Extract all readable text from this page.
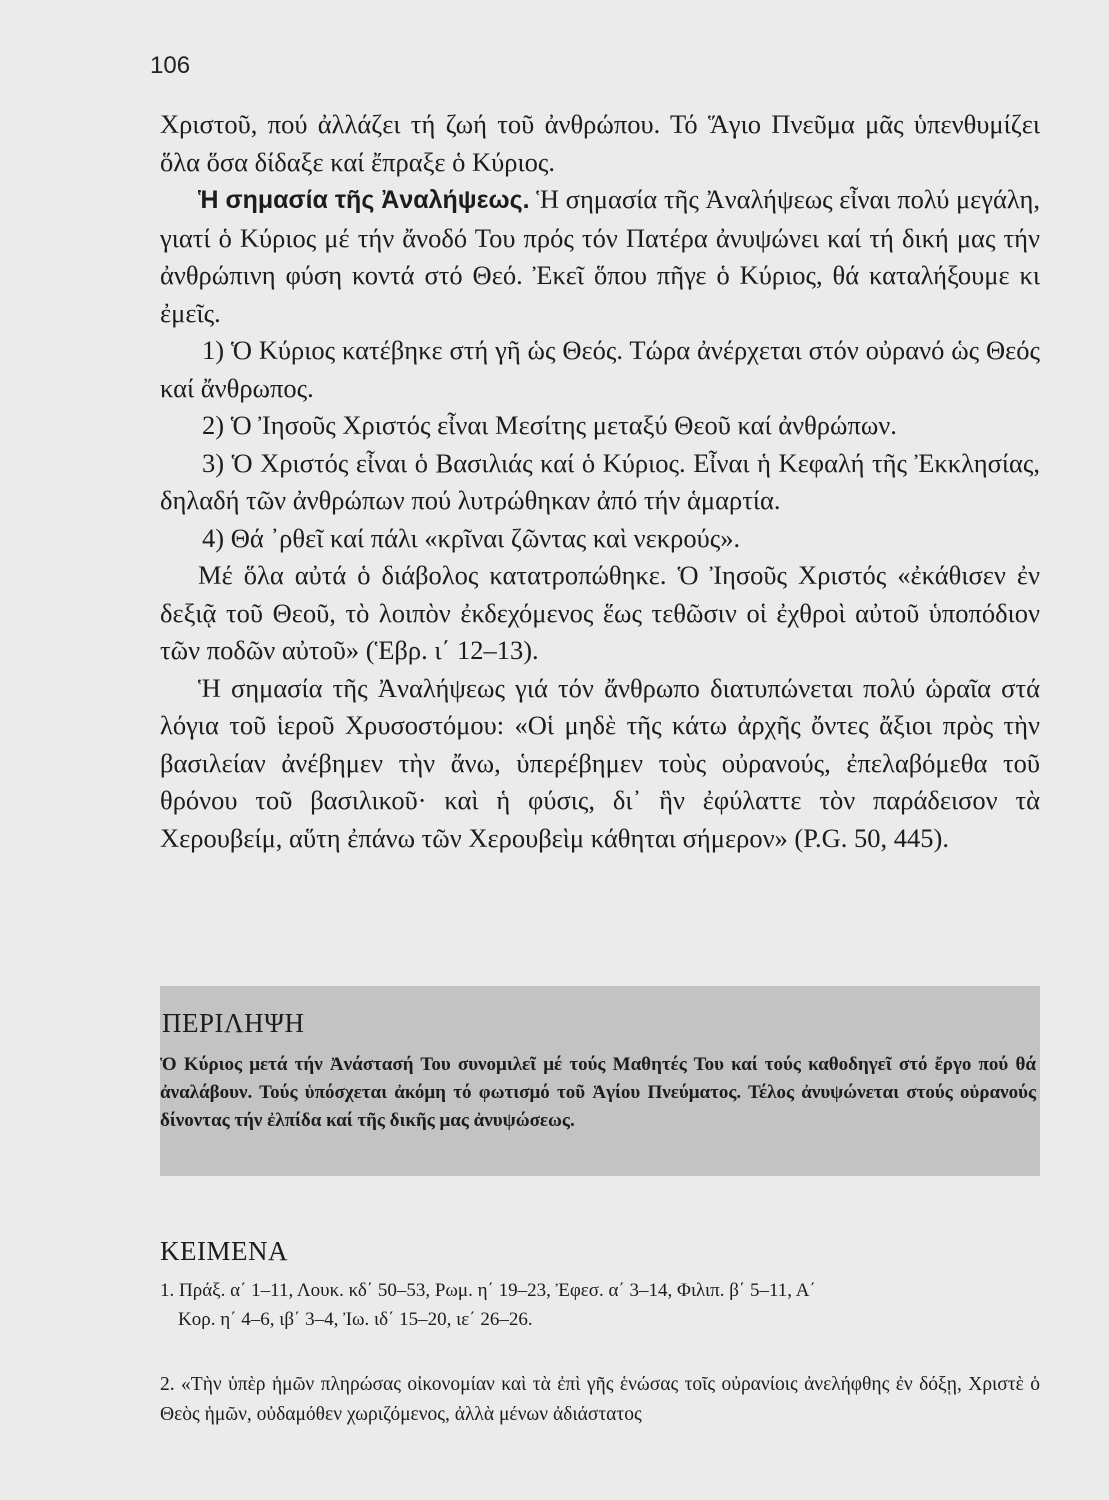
106

Χριστοῦ, πού ἀλλάζει τή ζωή τοῦ ἀνθρώπου. Τό Ἅγιο Πνεῦμα μᾶς ὑπενθυμίζει ὅλα ὅσα δίδαξε καί ἔπραξε ὁ Κύριος.

Ἡ σημασία τῆς Ἀναλήψεως. Ἡ σημασία τῆς Ἀναλήψεως εἶναι πολύ μεγάλη, γιατί ὁ Κύριος μέ τήν ἄνοδό Του πρός τόν Πατέρα ἀνυψώνει καί τή δική μας τήν ἀνθρώπινη φύση κοντά στό Θεό. Ἐκεῖ ὅπου πῆγε ὁ Κύριος, θά καταλήξουμε κι ἐμεῖς.

1) Ὁ Κύριος κατέβηκε στή γῆ ὡς Θεός. Τώρα ἀνέρχεται στόν οὐρανό ὡς Θεός καί ἄνθρωπος.

2) Ὁ Ἰησοῦς Χριστός εἶναι Μεσίτης μεταξύ Θεοῦ καί ἀνθρώπων.

3) Ὁ Χριστός εἶναι ὁ Βασιλιάς καί ὁ Κύριος. Εἶναι ἡ Κεφαλή τῆς Ἐκκλησίας, δηλαδή τῶν ἀνθρώπων πού λυτρώθηκαν ἀπό τήν ἁμαρτία.

4) Θά ᾽ρθεῖ καί πάλι «κρῖναι ζῶντας καὶ νεκρούς».

Μέ ὅλα αὐτά ὁ διάβολος κατατροπώθηκε. Ὁ Ἰησοῦς Χριστός «ἐκάθισεν ἐν δεξιᾷ τοῦ Θεοῦ, τὸ λοιπὸν ἐκδεχόμενος ἕως τεθῶσιν οἱ ἐχθροὶ αὐτοῦ ὑποπόδιον τῶν ποδῶν αὐτοῦ» (Ἑβρ. ι΄ 12–13).

Ἡ σημασία τῆς Ἀναλήψεως γιά τόν ἄνθρωπο διατυπώνεται πολύ ὡραῖα στά λόγια τοῦ ἱεροῦ Χρυσοστόμου: «Οἱ μηδὲ τῆς κάτω ἀρχῆς ὄντες ἄξιοι πρὸς τὴν βασιλείαν ἀνέβημεν τὴν ἄνω, ὑπερέβημεν τοὺς οὐρανούς, ἐπελαβόμεθα τοῦ θρόνου τοῦ βασιλικοῦ· καὶ ἡ φύσις, δι᾽ ἣν ἐφύλαττε τὸν παράδεισον τὰ Χερουβείμ, αὕτη ἐπάνω τῶν Χερουβεὶμ κάθηται σήμερον» (P.G. 50, 445).

ΠΕΡΙΛΗΨΗ

Ὁ Κύριος μετά τήν Ἀνάστασή Του συνομιλεῖ μέ τούς Μαθητές Του καί τούς καθοδηγεῖ στό ἔργο πού θά ἀναλάβουν. Τούς ὑπόσχεται ἀκόμη τό φωτισμό τοῦ Ἁγίου Πνεύματος. Τέλος ἀνυψώνεται στούς οὐρανούς δίνοντας τήν ἐλπίδα καί τῆς δικῆς μας ἀνυψώσεως.

ΚΕΙΜΕΝΑ

1. Πράξ. α΄ 1–11, Λουκ. κδ΄ 50–53, Ρωμ. η΄ 19–23, Ἐφεσ. α΄ 3–14, Φιλιπ. β΄ 5–11, Α΄
Κορ. η΄ 4–6, ιβ΄ 3–4, Ἰω. ιδ΄ 15–20, ιε΄ 26–26.

2. «Τὴν ὑπὲρ ἡμῶν πληρώσας οἰκονομίαν καὶ τὰ ἐπὶ γῆς ἑνώσας τοῖς οὐρανίοις ἀνελήφθης ἐν δόξῃ, Χριστὲ ὁ Θεὸς ἡμῶν, οὐδαμόθεν χωριζόμενος, ἀλλὰ μένων ἀδιάστατος
